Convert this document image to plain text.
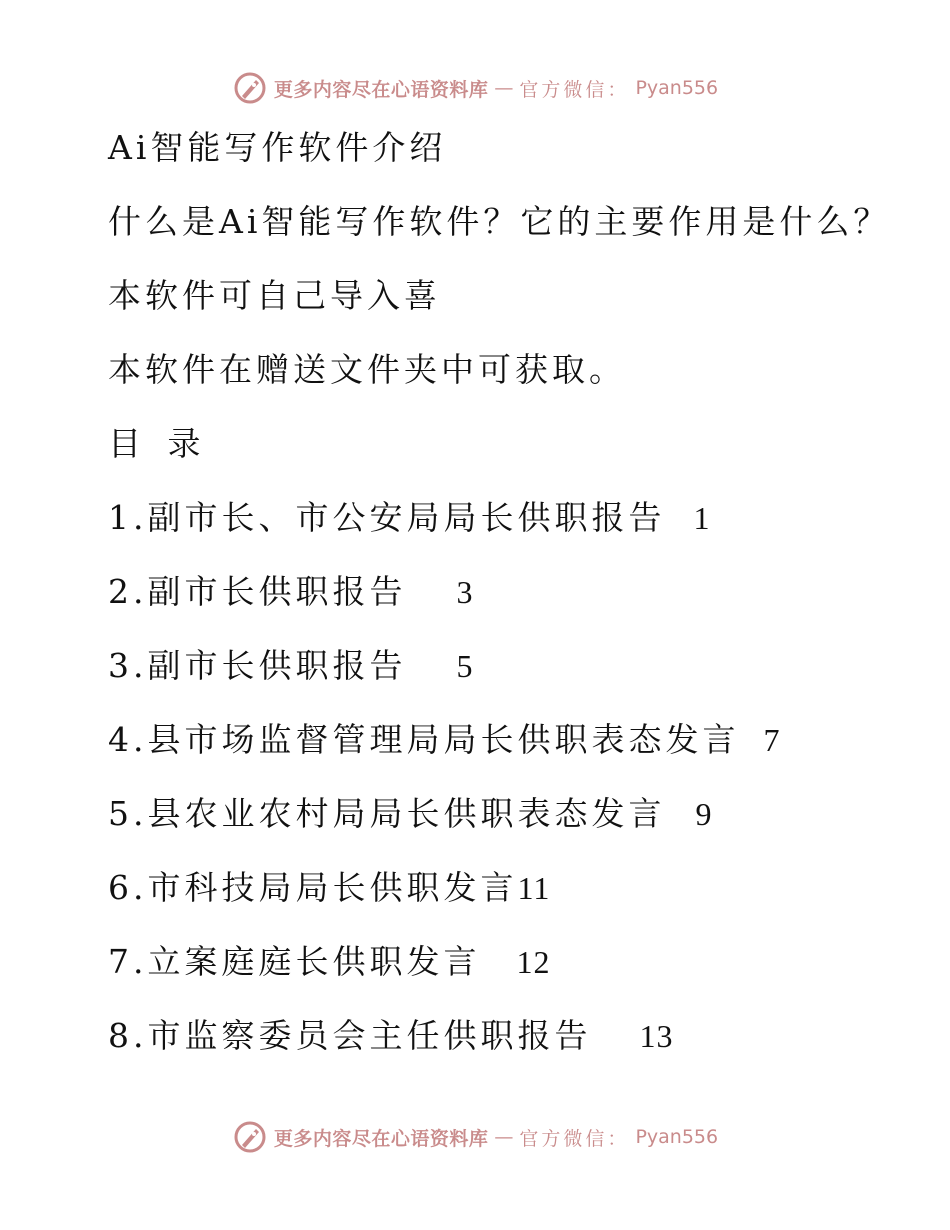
更多内容尽在心语资料库 — 官方微信： Pyan556
Ai智能写作软件介绍
什么是Ai智能写作软件？它的主要作用是什么？
本软件可自己导入喜
本软件在赠送文件夹中可获取。
目 录
1.副市长、市公安局局长供职报告 1
2.副市长供职报告 3
3.副市长供职报告 5
4.县市场监督管理局局长供职表态发言 7
5.县农业农村局局长供职表态发言 9
6.市科技局局长供职发言 11
7.立案庭庭长供职发言 12
8.市监察委员会主任供职报告 13
更多内容尽在心语资料库 — 官方微信： Pyan556
